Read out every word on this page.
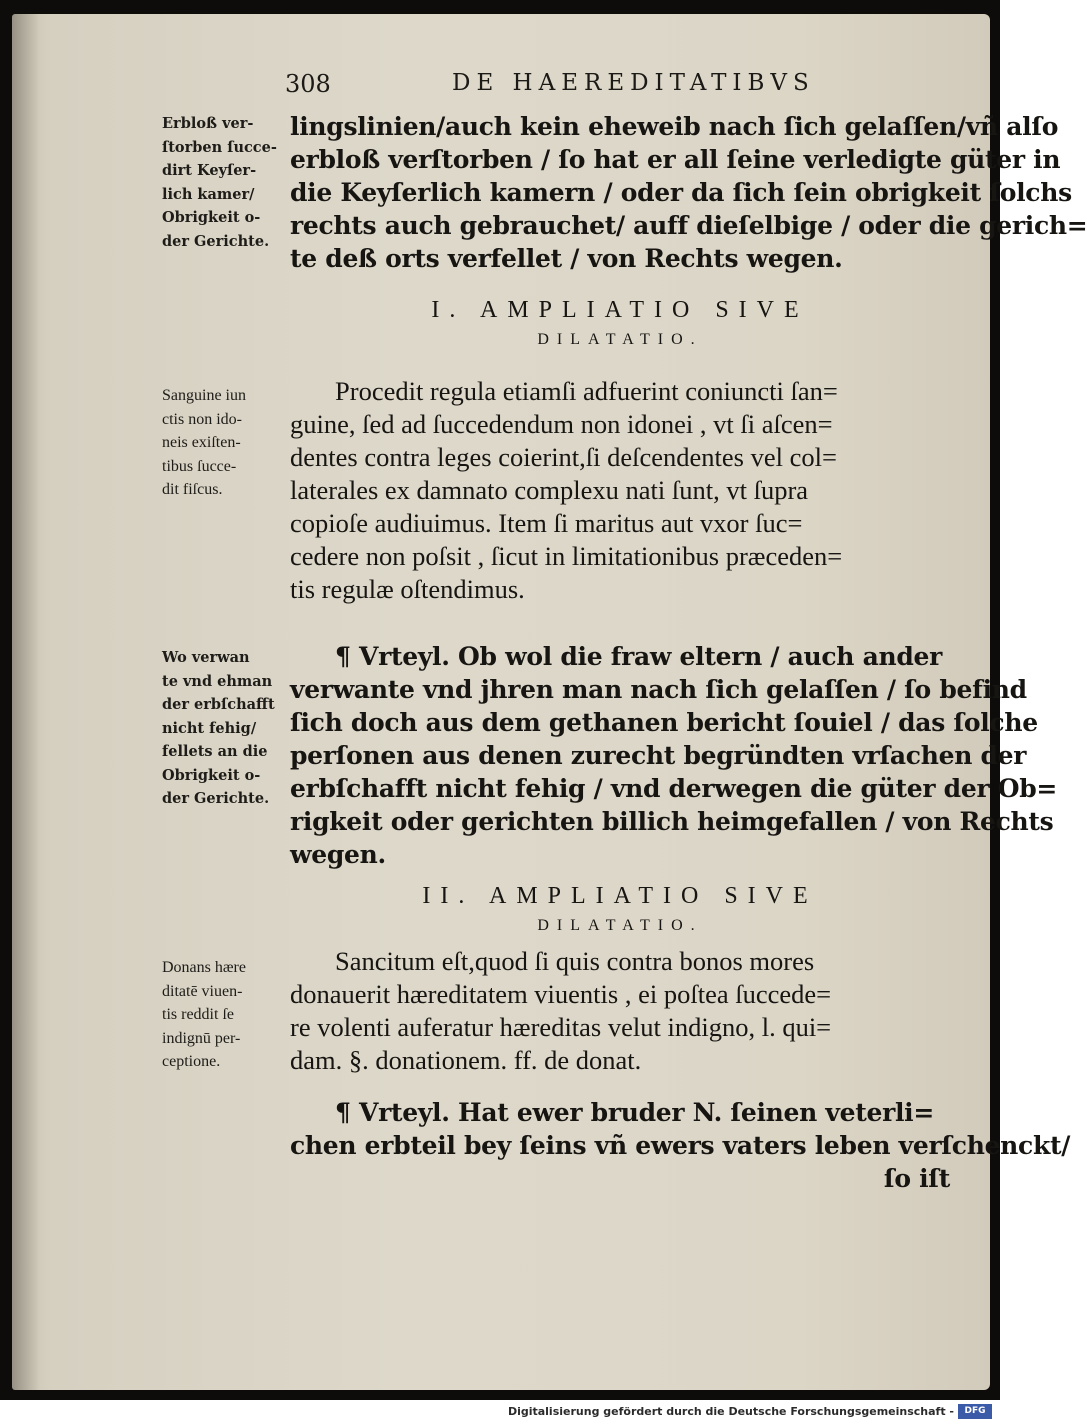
308	DE HAEREDITATIBVS
Erbloß ver-
ſtorben ſucce-
dirt Keyſer-
lich kamer/
Obrigkeit o-
der Gerichte.
lingslinien/auch kein eheweib nach ſich gelaſſen/vñ alſo
erbloß verſtorben / ſo hat er all ſeine verledigte güter in
die Keyſerlich kamern / oder da ſich ſein obrigkeit ſolchs
rechts auch gebrauchet/ auff dieſelbige / oder die gerich=
te deß orts verfellet / von Rechts wegen.
I. AMPLIATIO SIVE
DILATATIO.
Sanguine iun
ctis non ido-
neis exiſten-
tibus ſucce-
dit fiſcus.
Procedit regula etiamſi adfuerint coniuncti ſan=
guine, ſed ad ſuccedendum non idonei , vt ſi aſcen=
dentes contra leges coierint,ſi deſcendentes vel col=
laterales ex damnato complexu nati ſunt, vt ſupra
copioſe audiuimus. Item ſi maritus aut vxor ſuc=
cedere non poſsit , ſicut in limitationibus præceden=
tis regulæ oſtendimus.
Wo verwan
te vnd ehman
der erbſchafft
nicht fehig/
fellets an die
Obrigkeit o-
der Gerichte.
¶ Vrteyl. Ob wol die fraw eltern / auch ander
verwante vnd jhren man nach ſich gelaſſen / ſo befind
ſich doch aus dem gethanen bericht ſouiel / das ſolche
perſonen aus denen zurecht begründten vrſachen der
erbſchafft nicht fehig / vnd derwegen die güter der Ob=
rigkeit oder gerichten billich heimgefallen / von Rechts
wegen.
II. AMPLIATIO SIVE
DILATATIO.
Donans hære
ditatē viuen-
tis reddit ſe
indignū per-
ceptione.
Sancitum eſt,quod ſi quis contra bonos mores
donauerit hæreditatem viuentis , ei poſtea ſuccede=
re volenti auferatur hæreditas velut indigno, l. qui=
dam. §. donationem. ff. de donat.
¶ Vrteyl. Hat ewer bruder N. ſeinen veterli=
chen erbteil bey ſeins vñ ewers vaters leben verſchenckt/
ſo iſt
Digitalisierung gefördert durch die Deutsche Forschungsgemeinschaft -	DFG
